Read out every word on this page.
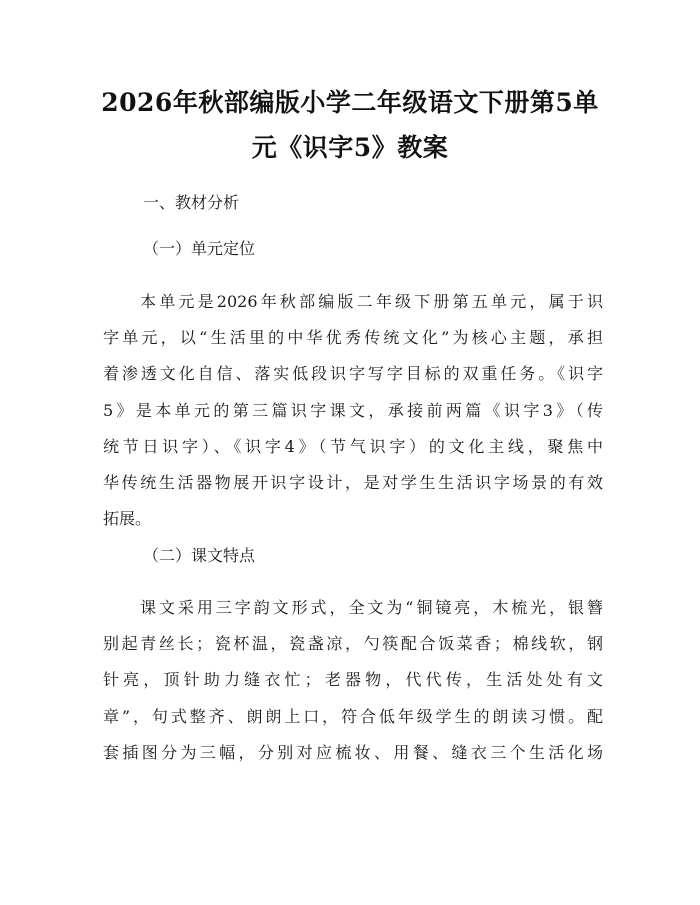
2026年秋部编版小学二年级语文下册第5单
元《识字5》教案

一、教材分析

（一）单元定位

本单元是2026年秋部编版二年级下册第五单元，属于识
字单元，以“生活里的中华优秀传统文化”为核心主题，承担
着渗透文化自信、落实低段识字写字目标的双重任务。《识字
5》是本单元的第三篇识字课文，承接前两篇《识字3》（传
统节日识字）、《识字4》（节气识字）的文化主线，聚焦中
华传统生活器物展开识字设计，是对学生生活识字场景的有效
拓展。

（二）课文特点

课文采用三字韵文形式，全文为“铜镜亮，木梳光，银簪
别起青丝长；瓷杯温，瓷盏凉，勺筷配合饭菜香；棉线软，钢
针亮，顶针助力缝衣忙；老器物，代代传，生活处处有文
章”，句式整齐、朗朗上口，符合低年级学生的朗读习惯。配
套插图分为三幅，分别对应梳妆、用餐、缝衣三个生活化场
